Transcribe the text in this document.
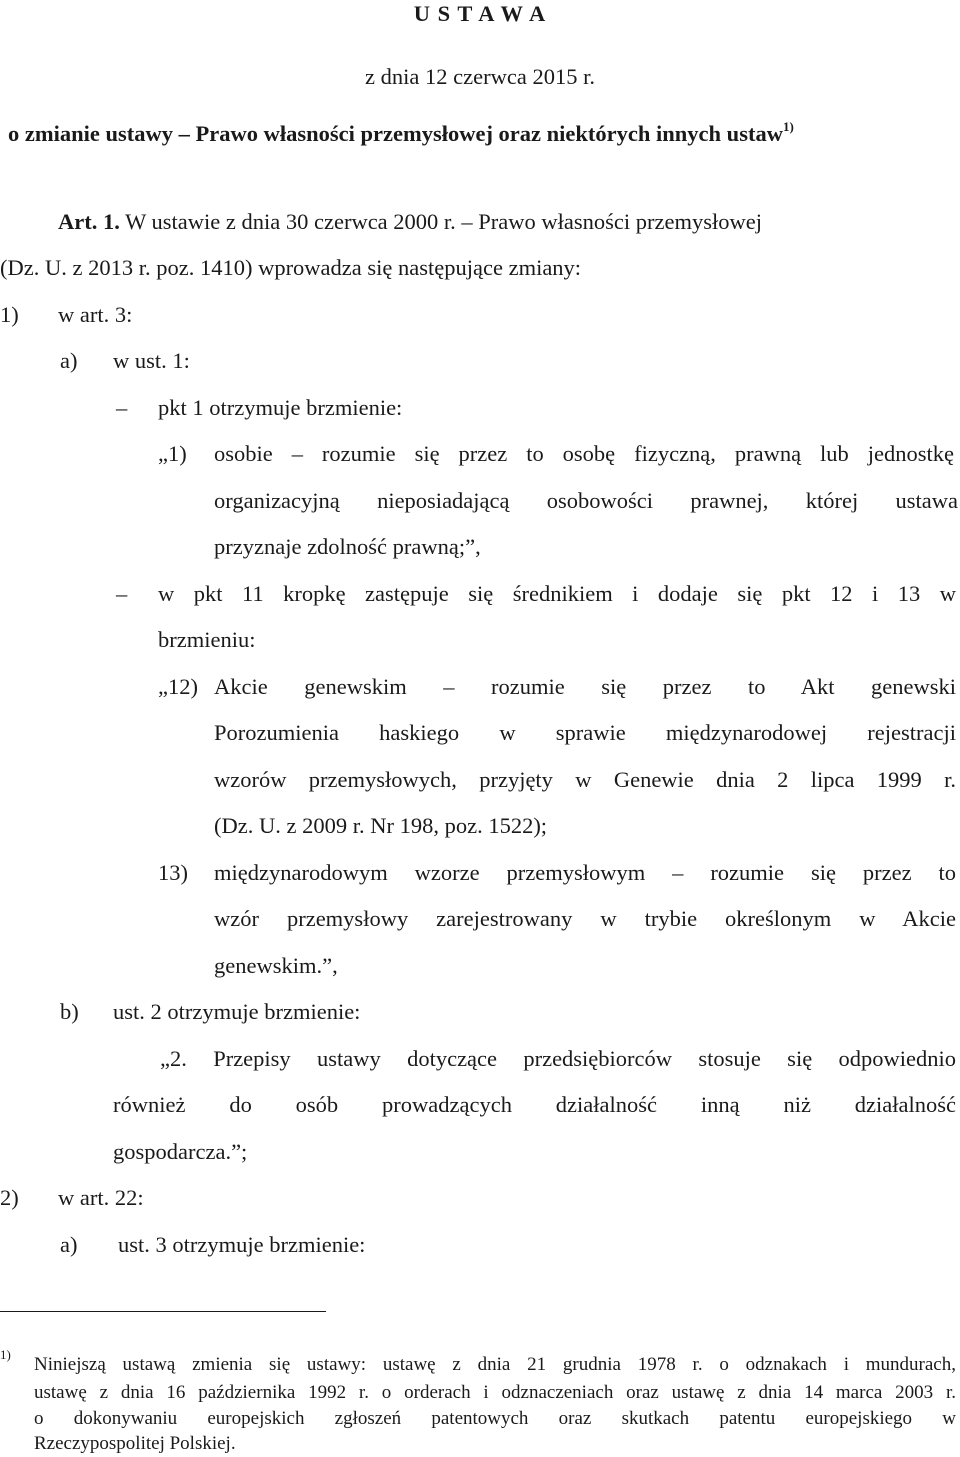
U S T A W A
z dnia 12 czerwca 2015 r.
o zmianie ustawy – Prawo własności przemysłowej oraz niektórych innych ustaw$^{1)}$
Art. 1. W ustawie z dnia 30 czerwca 2000 r. – Prawo własności przemysłowej
(Dz. U. z 2013 r. poz. 1410) wprowadza się następujące zmiany:
1) w art. 3:
a) w ust. 1:
– pkt 1 otrzymuje brzmienie:
„1) osobie – rozumie się przez to osobę fizyczną, prawną lub jednostkę
organizacyjną nieposiadającą osobowości prawnej, której ustawa
przyznaje zdolność prawną;”,
– w pkt 11 kropkę zastępuje się średnikiem i dodaje się pkt 12 i 13 w
brzmieniu:
„12) Akcie genewskim – rozumie się przez to Akt genewski
Porozumienia haskiego w sprawie międzynarodowej rejestracji
wzorów przemysłowych, przyjęty w Genewie dnia 2 lipca 1999 r.
(Dz. U. z 2009 r. Nr 198, poz. 1522);
13) międzynarodowym wzorze przemysłowym – rozumie się przez to
wzór przemysłowy zarejestrowany w trybie określonym w Akcie
genewskim.”,
b) ust. 2 otrzymuje brzmienie:
„2. Przepisy ustawy dotyczące przedsiębiorców stosuje się odpowiednio
również do osób prowadzących działalność inną niż działalność
gospodarcza.”;
2) w art. 22:
a) ust. 3 otrzymuje brzmienie:
1) Niniejszą ustawą zmienia się ustawy: ustawę z dnia 21 grudnia 1978 r. o odznakach i mundurach,
ustawę z dnia 16 października 1992 r. o orderach i odznaczeniach oraz ustawę z dnia 14 marca 2003 r.
o dokonywaniu europejskich zgłoszeń patentowych oraz skutkach patentu europejskiego w
Rzeczypospolitej Polskiej.
